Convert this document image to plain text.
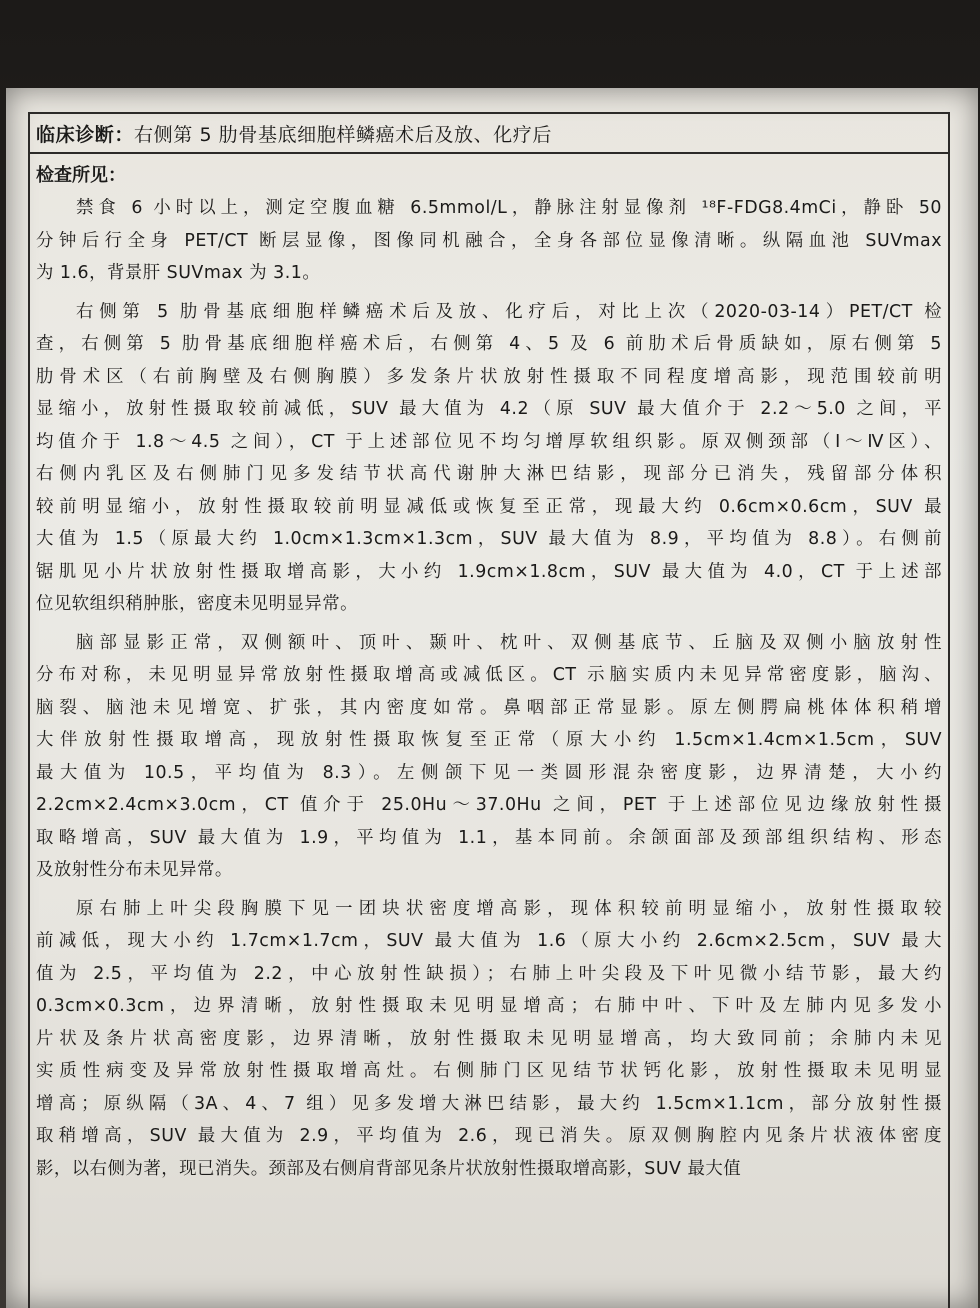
临床诊断：右侧第 5 肋骨基底细胞样鳞癌术后及放、化疗后
检查所见：
禁食 6 小时以上，测定空腹血糖 6.5mmol/L，静脉注射显像剂 ¹⁸F-FDG8.4mCi，静卧 50
分钟后行全身 PET/CT 断层显像，图像同机融合，全身各部位显像清晰。纵隔血池 SUVmax
为 1.6，背景肝 SUVmax 为 3.1。
右侧第 5 肋骨基底细胞样鳞癌术后及放、化疗后，对比上次（2020-03-14）PET/CT 检
查，右侧第 5 肋骨基底细胞样癌术后，右侧第 4、5 及 6 前肋术后骨质缺如，原右侧第 5
肋骨术区（右前胸壁及右侧胸膜）多发条片状放射性摄取不同程度增高影，现范围较前明
显缩小，放射性摄取较前减低，SUV 最大值为 4.2（原 SUV 最大值介于 2.2～5.0 之间，平
均值介于 1.8～4.5 之间），CT 于上述部位见不均匀增厚软组织影。原双侧颈部（Ⅰ～Ⅳ区）、
右侧内乳区及右侧肺门见多发结节状高代谢肿大淋巴结影，现部分已消失，残留部分体积
较前明显缩小，放射性摄取较前明显减低或恢复至正常，现最大约 0.6cm×0.6cm，SUV 最
大值为 1.5（原最大约 1.0cm×1.3cm×1.3cm，SUV 最大值为 8.9，平均值为 8.8）。右侧前
锯肌见小片状放射性摄取增高影，大小约 1.9cm×1.8cm，SUV 最大值为 4.0，CT 于上述部
位见软组织稍肿胀，密度未见明显异常。
脑部显影正常，双侧额叶、顶叶、颞叶、枕叶、双侧基底节、丘脑及双侧小脑放射性
分布对称，未见明显异常放射性摄取增高或减低区。CT 示脑实质内未见异常密度影，脑沟、
脑裂、脑池未见增宽、扩张，其内密度如常。鼻咽部正常显影。原左侧腭扁桃体体积稍增
大伴放射性摄取增高，现放射性摄取恢复至正常（原大小约 1.5cm×1.4cm×1.5cm，SUV
最大值为 10.5，平均值为 8.3）。左侧颌下见一类圆形混杂密度影，边界清楚，大小约
2.2cm×2.4cm×3.0cm，CT 值介于 25.0Hu～37.0Hu 之间，PET 于上述部位见边缘放射性摄
取略增高，SUV 最大值为 1.9，平均值为 1.1，基本同前。余颌面部及颈部组织结构、形态
及放射性分布未见异常。
原右肺上叶尖段胸膜下见一团块状密度增高影，现体积较前明显缩小，放射性摄取较
前减低，现大小约 1.7cm×1.7cm，SUV 最大值为 1.6（原大小约 2.6cm×2.5cm，SUV 最大
值为 2.5，平均值为 2.2，中心放射性缺损）；右肺上叶尖段及下叶见微小结节影，最大约
0.3cm×0.3cm，边界清晰，放射性摄取未见明显增高；右肺中叶、下叶及左肺内见多发小
片状及条片状高密度影，边界清晰，放射性摄取未见明显增高，均大致同前；余肺内未见
实质性病变及异常放射性摄取增高灶。右侧肺门区见结节状钙化影，放射性摄取未见明显
增高；原纵隔（3A、4、7 组）见多发增大淋巴结影，最大约 1.5cm×1.1cm，部分放射性摄
取稍增高，SUV 最大值为 2.9，平均值为 2.6，现已消失。原双侧胸腔内见条片状液体密度
影，以右侧为著，现已消失。颈部及右侧肩背部见条片状放射性摄取增高影，SUV 最大值
